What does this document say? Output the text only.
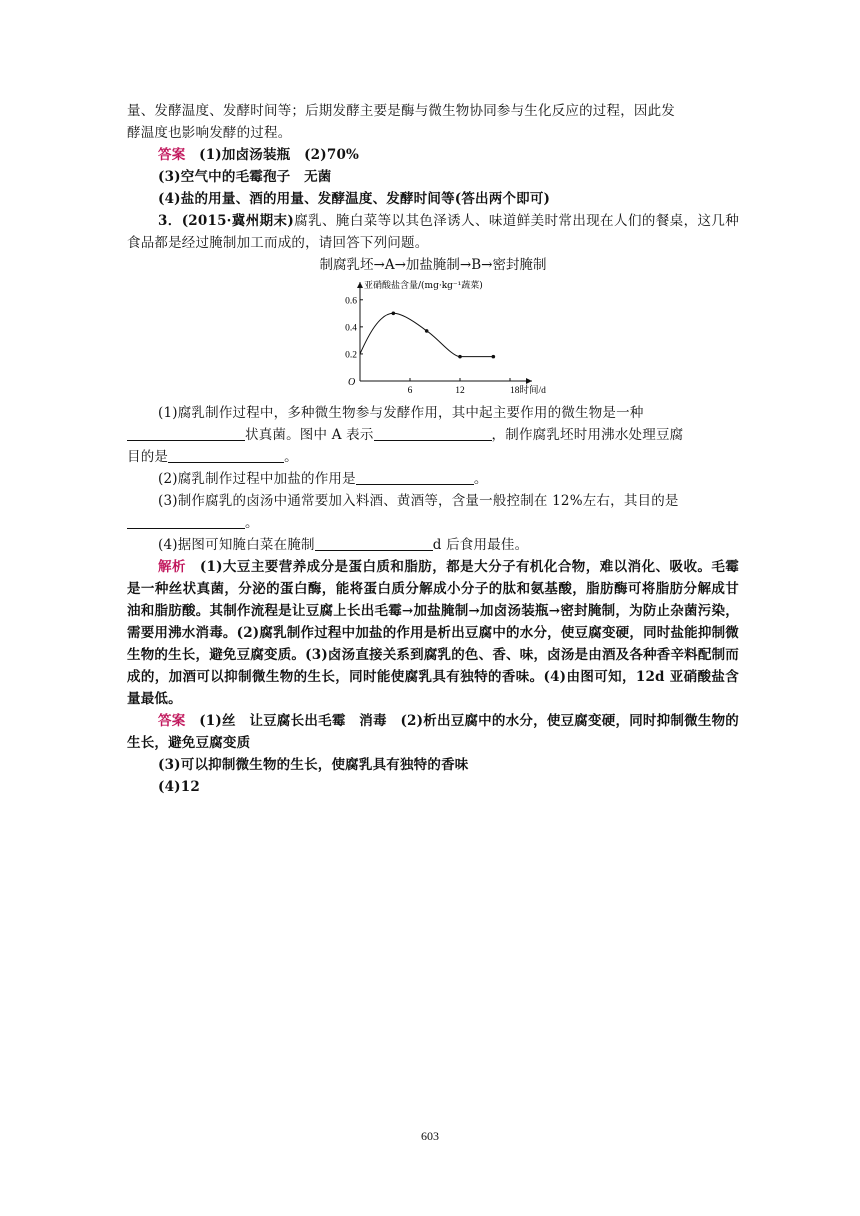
量、发酵温度、发酵时间等；后期发酵主要是酶与微生物协同参与生化反应的过程，因此发

酵温度也影响发酵的过程。

答案　 (1)加卤汤装瓶　(2)70%

(3)空气中的毛霉孢子　无菌

(4)盐的用量、酒的用量、发酵温度、发酵时间等(答出两个即可)

3．(2015·冀州期末)腐乳、腌白菜等以其色泽诱人、味道鲜美时常出现在人们的餐桌，这几种食品都是经过腌制加工而成的，请回答下列问题。

制腐乳坯→A→加盐腌制→B→密封腌制

O
0.2
0.4
0.6
6	12	18时间/d
亚硝酸盐含量/(mg·kg⁻¹蔬菜)

(1)腐乳制作过程中，多种微生物参与发酵作用，其中起主要作用的微生物是一种

状真菌。图中 A 表示	，制作腐乳坯时用沸水处理豆腐

目的是	。

(2)腐乳制作过程中加盐的作用是	。

(3)制作腐乳的卤汤中通常要加入料酒、黄酒等，含量一般控制在 12%左右，其目的是

。

(4)据图可知腌白菜在腌制	d 后食用最佳。

解析　 (1)大豆主要营养成分是蛋白质和脂肪，都是大分子有机化合物，难以消化、吸收。毛霉是一种丝状真菌，分泌的蛋白酶，能将蛋白质分解成小分子的肽和氨基酸，脂肪酶可将脂肪分解成甘油和脂肪酸。其制作流程是让豆腐上长出毛霉→加盐腌制→加卤汤装瓶→密封腌制，为防止杂菌污染，需要用沸水消毒。(2)腐乳制作过程中加盐的作用是析出豆腐中的水分，使豆腐变硬，同时盐能抑制微生物的生长，避免豆腐变质。(3)卤汤直接关系到腐乳的色、香、味，卤汤是由酒及各种香辛料配制而成的，加酒可以抑制微生物的生长，同时能使腐乳具有独特的香味。(4)由图可知，12d 亚硝酸盐含量最低。

答案　 (1)丝　让豆腐长出毛霉　消毒　(2)析出豆腐中的水分，使豆腐变硬，同时抑制微生物的生长，避免豆腐变质

(3)可以抑制微生物的生长，使腐乳具有独特的香味

(4)12

603
